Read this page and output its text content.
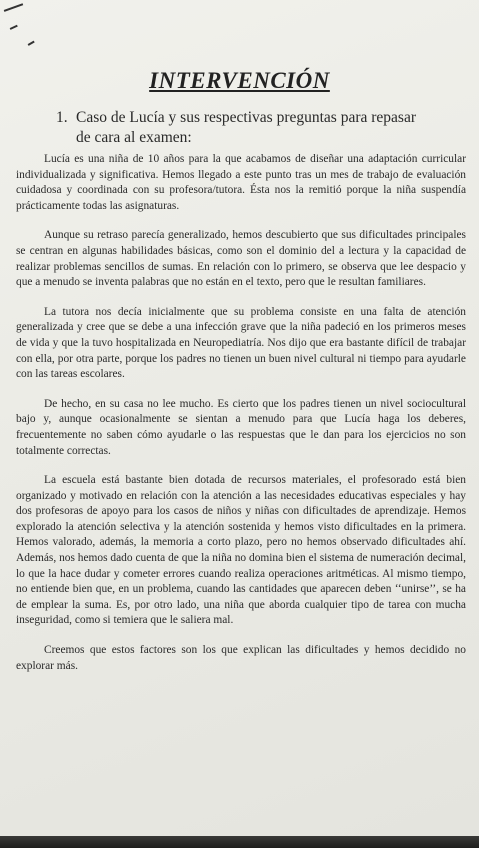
INTERVENCIÓN
1. Caso de Lucía y sus respectivas preguntas para repasar de cara al examen:

Lucía es una niña de 10 años para la que acabamos de diseñar una adaptación curricular individualizada y significativa. Hemos llegado a este punto tras un mes de trabajo de evaluación cuidadosa y coordinada con su profesora/tutora. Ésta nos la remitió porque la niña suspendía prácticamente todas las asignaturas.

Aunque su retraso parecía generalizado, hemos descubierto que sus dificultades principales se centran en algunas habilidades básicas, como son el dominio del a lectura y la capacidad de realizar problemas sencillos de sumas. En relación con lo primero, se observa que lee despacio y que a menudo se inventa palabras que no están en el texto, pero que le resultan familiares.

La tutora nos decía inicialmente que su problema consiste en una falta de atención generalizada y cree que se debe a una infección grave que la niña padeció en los primeros meses de vida y que la tuvo hospitalizada en Neuropediatría. Nos dijo que era bastante difícil de trabajar con ella, por otra parte, porque los padres no tienen un buen nivel cultural ni tiempo para ayudarle con las tareas escolares.

De hecho, en su casa no lee mucho. Es cierto que los padres tienen un nivel sociocultural bajo y, aunque ocasionalmente se sientan a menudo para que Lucía haga los deberes, frecuentemente no saben cómo ayudarle o las respuestas que le dan para los ejercicios no son totalmente correctas.

La escuela está bastante bien dotada de recursos materiales, el profesorado está bien organizado y motivado en relación con la atención a las necesidades educativas especiales y hay dos profesoras de apoyo para los casos de niños y niñas con dificultades de aprendizaje. Hemos explorado la atención selectiva y la atención sostenida y hemos visto dificultades en la primera. Hemos valorado, además, la memoria a corto plazo, pero no hemos observado dificultades ahí. Además, nos hemos dado cuenta de que la niña no domina bien el sistema de numeración decimal, lo que la hace dudar y cometer errores cuando realiza operaciones aritméticas. Al mismo tiempo, no entiende bien que, en un problema, cuando las cantidades que aparecen deben ‘‘unirse’’, se ha de emplear la suma. Es, por otro lado, una niña que aborda cualquier tipo de tarea con mucha inseguridad, como si temiera que le saliera mal.

Creemos que estos factores son los que explican las dificultades y hemos decidido no explorar más.
